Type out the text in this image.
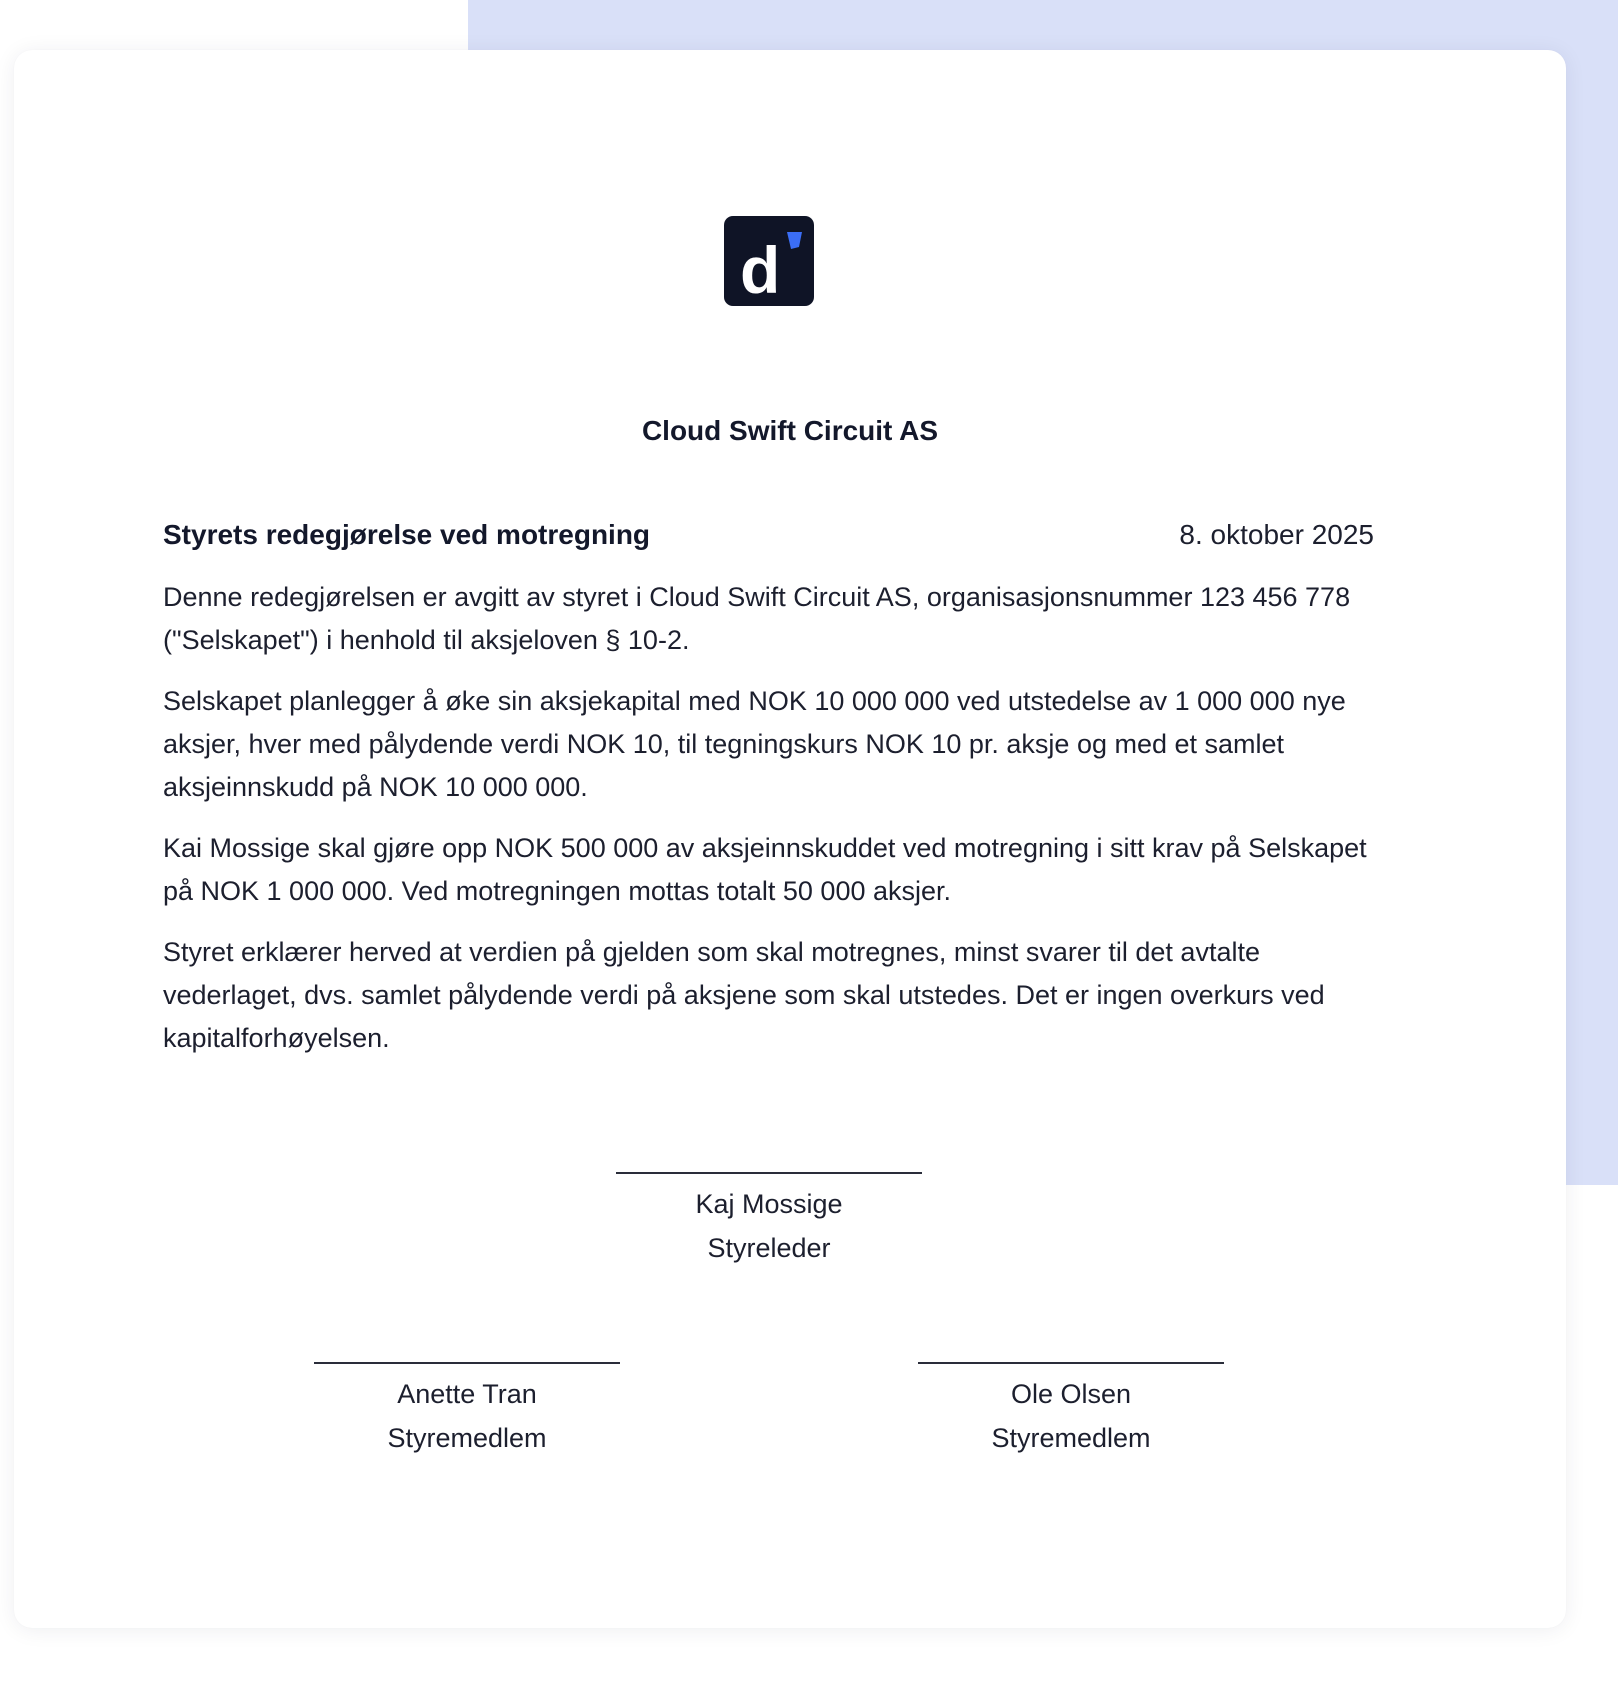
d
Cloud Swift Circuit AS
Styrets redegjørelse ved motregning	8. oktober 2025

Denne redegjørelsen er avgitt av styret i Cloud Swift Circuit AS, organisasjonsnummer 123 456 778 ("Selskapet") i henhold til aksjeloven § 10-2.

Selskapet planlegger å øke sin aksjekapital med NOK 10 000 000 ved utstedelse av 1 000 000 nye aksjer, hver med pålydende verdi NOK 10, til tegningskurs NOK 10 pr. aksje og med et samlet aksjeinnskudd på NOK 10 000 000.

Kai Mossige skal gjøre opp NOK 500 000 av aksjeinnskuddet ved motregning i sitt krav på Selskapet på NOK 1 000 000. Ved motregningen mottas totalt 50 000 aksjer.

Styret erklærer herved at verdien på gjelden som skal motregnes, minst svarer til det avtalte vederlaget, dvs. samlet pålydende verdi på aksjene som skal utstedes. Det er ingen overkurs ved kapitalforhøyelsen.

Kaj Mossige
Styreleder
Anette Tran
Styremedlem
Ole Olsen
Styremedlem
